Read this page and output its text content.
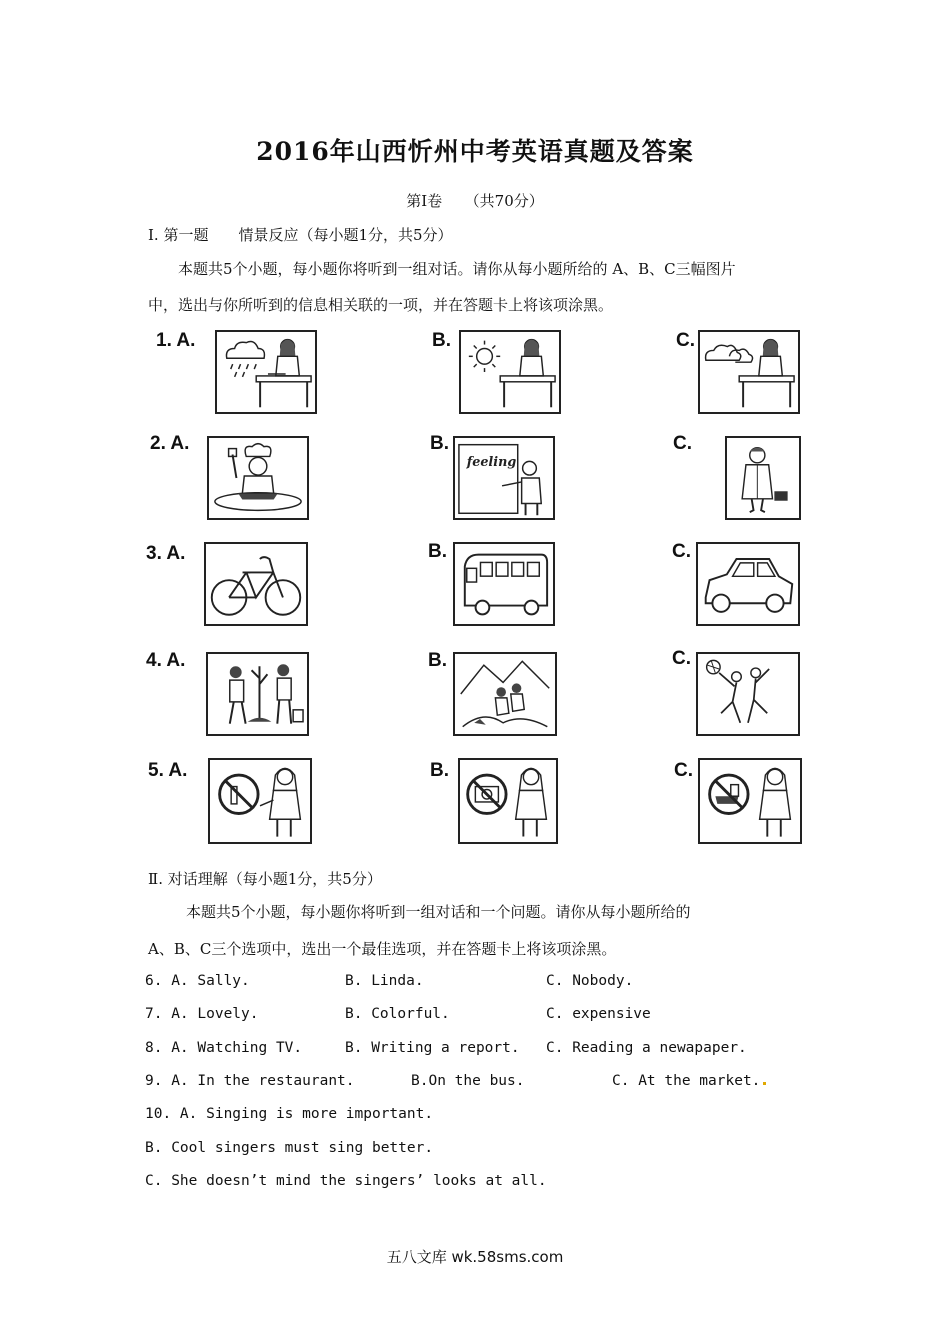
2016年山西忻州中考英语真题及答案
第Ⅰ卷　　（共70分）
Ⅰ. 第一题　　情景反应（每小题1分，共5分）
本题共5个小题，每小题你将听到一组对话。请你从每小题所给的 A、B、C三幅图片
中，选出与你所听到的信息相关联的一项，并在答题卡上将该项涂黑。
1. A.	B.	C.
2. A.	B.	C.
feeling
3. A.	B.	C.
4. A.	B.	C.
5. A.	B.	C.
Ⅱ. 对话理解（每小题1分，共5分）
本题共5个小题，每小题你将听到一组对话和一个问题。请你从每小题所给的
A、B、C三个选项中，选出一个最佳选项，并在答题卡上将该项涂黑。
6. A. Sally.	B. Linda.	C. Nobody.
7. A. Lovely.	B. Colorful.	C. expensive
8. A. Watching TV.	B. Writing a report. C. Reading a newapaper.
9. A. In the restaurant.	B.On the bus.	C. At the market.
10. A. Singing is more important.
B. Cool singers must sing better.
C. She doesn’t mind the singers’ looks at all.
五八文库 wk.58sms.com
